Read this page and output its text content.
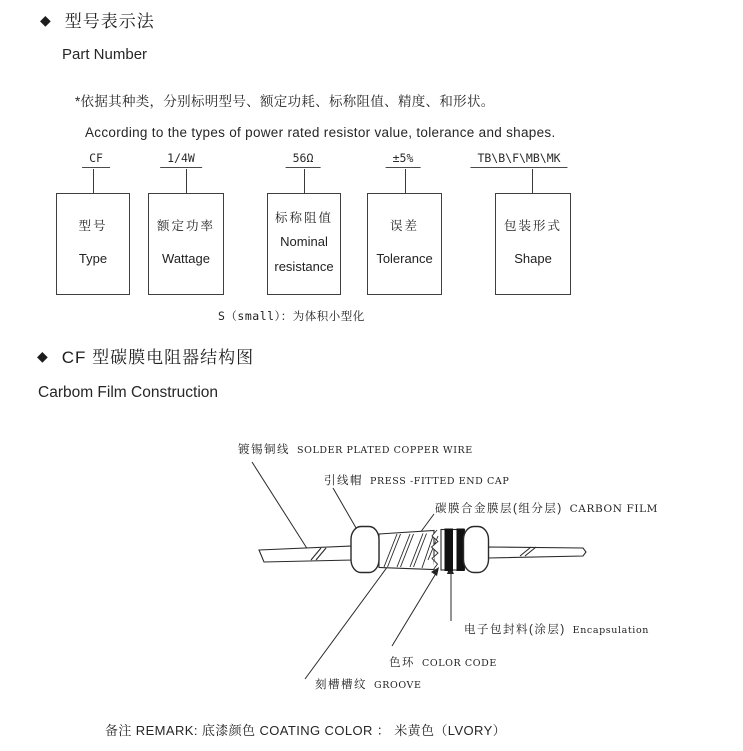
◆ 型号表示法
Part Number
*依据其种类，分别标明型号、额定功耗、标称阻值、精度、和形状。
According to the types of power rated resistor value, tolerance and shapes.
CF	1/4W	56Ω	±5%	TB\B\F\MB\MK
型号
Type
额定功率
Wattage
标称阻值
Nominal resistance
误差
Tolerance
包装形式
Shape
S（small）：为体积小型化
◆ CF 型碳膜电阻器结构图
Carbom Film Construction
镀锡铜线 SOLDER PLATED COPPER WIRE
引线帽 PRESS -FITTED END CAP
碳膜合金膜层(组分层) CARBON FILM
电子包封料(涂层) Encapsulation
色环 COLOR CODE
刻槽槽纹 GROOVE
备注 REMARK: 底漆颜色 COATING COLOR ： 米黄色（LVORY）
